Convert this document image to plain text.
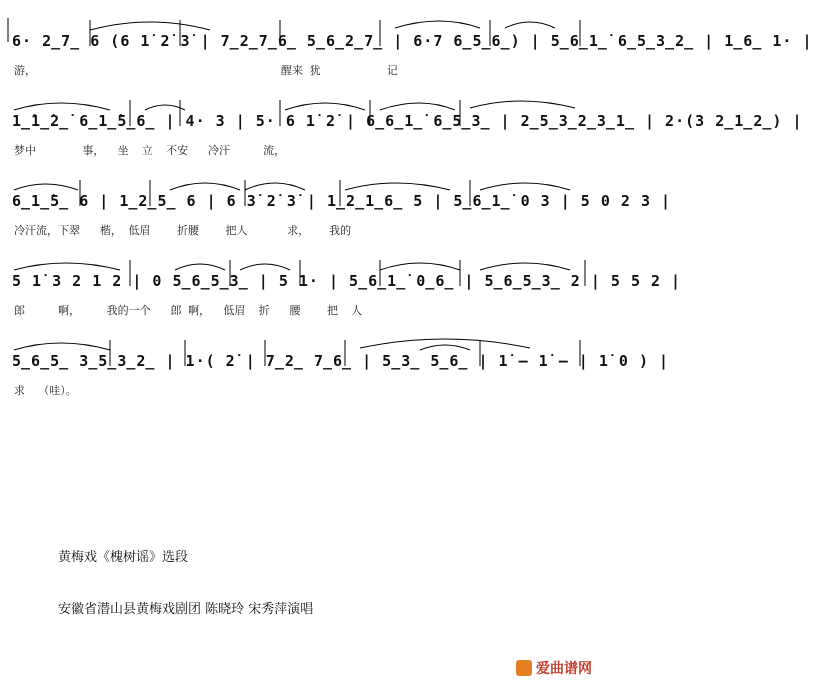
6· 2̲7̲ 6 (6 1̇ 2̇ 3̇ | 7̲2̲7̲6̲ 5̲6̲2̲7̲ | 6·7 6̲5̲6̲) | 5̲6̲1̲̇ 6̲5̲3̲2̲ | 1̲6̲ 1· |
游，                                     醒来 犹          记
1̲̇1̲̇2̲̇ 6̲1̲̇5̲6̲ | 4· 3 | 5· 6 1̇ 2̇ | 6̲6̲1̲̇ 6̲5̲3̲ | 2̲5̲3̲2̲3̲1̲ | 2·(3 2̲1̲2̲) |
梦中       事，  坐  立  不安   冷汗     流，
6̲1̲̇5̲ 6 | 1̲2̲5̲ 6 | 6 3̇ 2̇ 3̇ | 1̲2̲1̲6̲ 5 | 5̲6̲1̲̇ 0 3 | 5 0 2 3 |
冷汗流，下翠   楷， 低眉    折腰    把人      求，   我的
5 1̇ 3 2 1 2 | 0 5̲6̲5̲3̲ | 5 1· | 5̲6̲1̲̇ 0̲6̲ | 5̲6̲5̲3̲ 2 | 5 5 2 |
郎     啊，    我的一个   郎 啊，  低眉  折   腰    把  人
5̲6̲5̲ 3̲5̲3̲2̲ | 1·( 2̇ | 7̲2̲ 7̲6̲ | 5̲3̲ 5̲6̲ | 1̇ – 1̇ – | 1̇ 0 ) |
求  （哇）。
黄梅戏《槐树谣》选段
安徽省潜山县黄梅戏剧团 陈晓玲 宋秀萍演唱
爱曲谱网
